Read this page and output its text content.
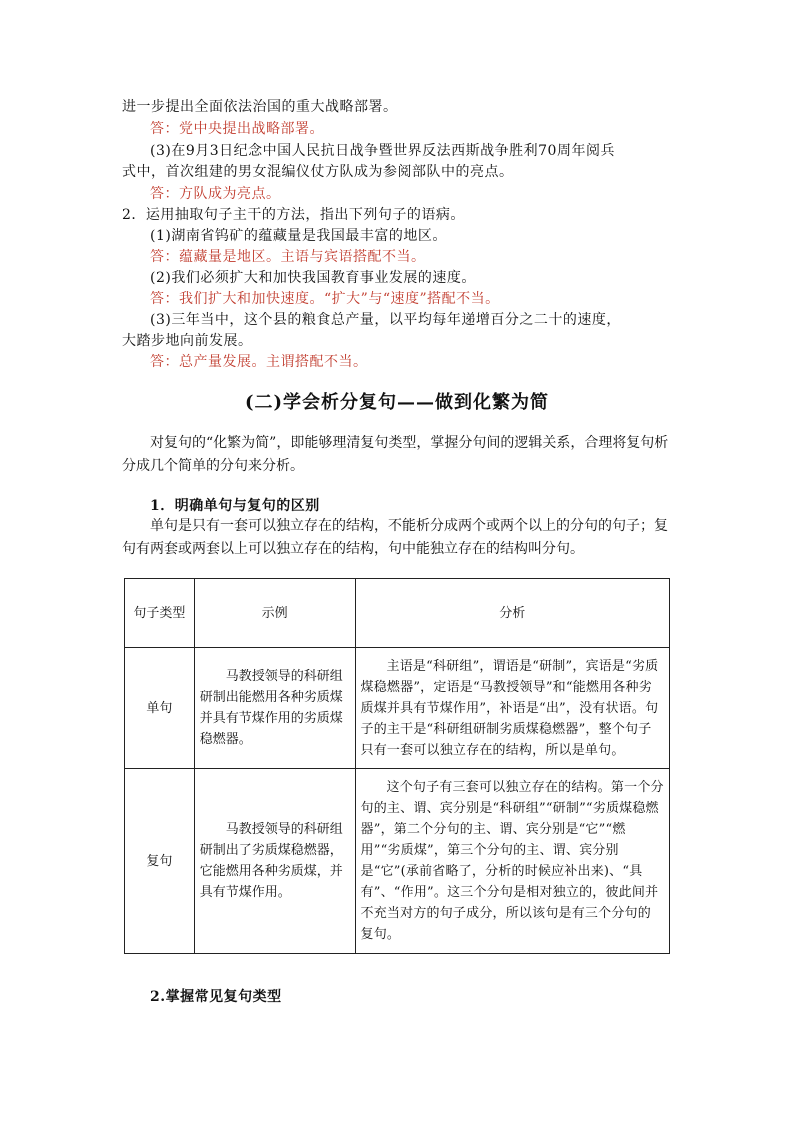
进一步提出全面依法治国的重大战略部署。
答：党中央提出战略部署。
(3)在9月3日纪念中国人民抗日战争暨世界反法西斯战争胜利70周年阅兵
式中，首次组建的男女混编仪仗方队成为参阅部队中的亮点。
答：方队成为亮点。
2．运用抽取句子主干的方法，指出下列句子的语病。
(1)湖南省钨矿的蕴藏量是我国最丰富的地区。
答：蕴藏量是地区。主语与宾语搭配不当。
(2)我们必须扩大和加快我国教育事业发展的速度。
答：我们扩大和加快速度。“扩大”与“速度”搭配不当。
(3)三年当中，这个县的粮食总产量，以平均每年递增百分之二十的速度，
大踏步地向前发展。
答：总产量发展。主谓搭配不当。
(二)学会析分复句——做到化繁为简

对复句的“化繁为简”，即能够理清复句类型，掌握分句间的逻辑关系，合理将复句析分成几个简单的分句来分析。

1．明确单句与复句的区别

单句是只有一套可以独立存在的结构，不能析分成两个或两个以上的分句的句子；复句有两套或两套以上可以独立存在的结构，句中能独立存在的结构叫分句。

句子类型	示例	分析
单句	马教授领导的科研组研制出能燃用各种劣质煤并具有节煤作用的劣质煤稳燃器。	主语是“科研组”，谓语是“研制”，宾语是“劣质煤稳燃器”，定语是“马教授领导”和“能燃用各种劣质煤并具有节煤作用”，补语是“出”，没有状语。句子的主干是“科研组研制劣质煤稳燃器”，整个句子只有一套可以独立存在的结构，所以是单句。

复句	马教授领导的科研组研制出了劣质煤稳燃器，它能燃用各种劣质煤，并具有节煤作用。	这个句子有三套可以独立存在的结构。第一个分句的主、谓、宾分别是“科研组”“研制”“劣质煤稳燃器”，第二个分句的主、谓、宾分别是“它”“燃用”“劣质煤”，第三个分句的主、谓、宾分别是“它”(承前省略了，分析的时候应补出来)、“具有”、“作用”。这三个分句是相对独立的，彼此间并不充当对方的句子成分，所以该句是有三个分句的复句。

2.掌握常见复句类型
